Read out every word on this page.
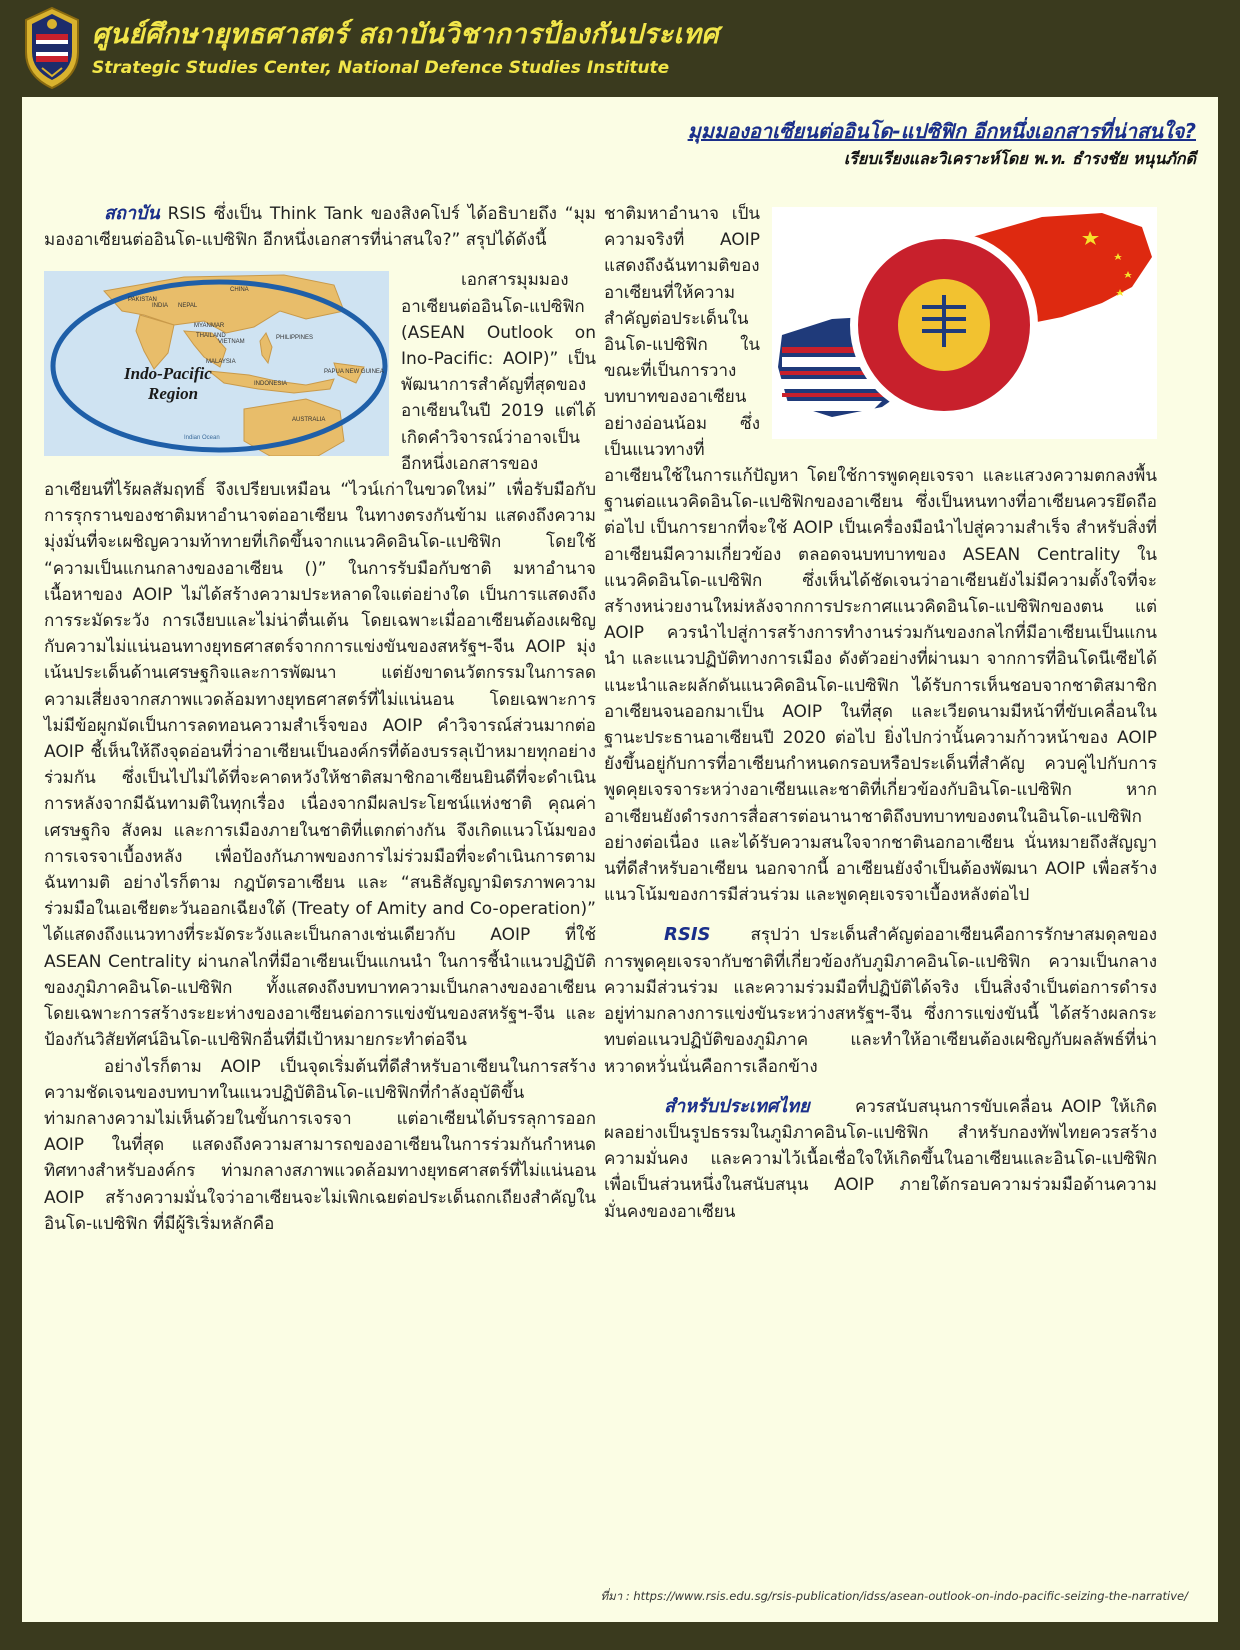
ศูนย์ศึกษายุทธศาสตร์ สถาบันวิชาการป้องกันประเทศ
Strategic Studies Center, National Defence Studies Institute
มุมมองอาเซียนต่ออินโด-แปซิฟิก อีกหนึ่งเอกสารที่น่าสนใจ?
เรียบเรียงและวิเคราะห์โดย พ.ท. ธำรงชัย หนุนภักดี

สถาบัน RSIS ซึ่งเป็น Think Tank ของสิงคโปร์ ได้อธิบายถึง “มุมมองอาเซียนต่ออินโด-แปซิฟิก อีกหนึ่งเอกสารที่น่าสนใจ?” สรุปได้ดังนี้

Indo-Pacific
Region
CHINA
INDIA
PAKISTAN
NEPAL
MYANMAR
THAILAND	PHILIPPINES
MALAYSIA
INDONESIA
PAPUA NEW GUINEA
AUSTRALIA
VIETNAM
Indian Ocean
เอกสารมุมมองอาเซียนต่ออินโด-แปซิฟิก (ASEAN Outlook on Ino-Pacific: AOIP)” เป็นพัฒนาการสำคัญที่สุดของอาเซียนในปี 2019 แต่ได้เกิดคำวิจารณ์ว่าอาจเป็นอีกหนึ่งเอกสารของอาเซียนที่ไร้ผลสัมฤทธิ์ จึงเปรียบเหมือน “ไวน์เก่าในขวดใหม่” เพื่อรับมือกับการรุกรานของชาติมหาอำนาจต่ออาเซียน ในทางตรงกันข้าม แสดงถึงความมุ่งมั่นที่จะเผชิญความท้าทายที่เกิดขึ้นจากแนวคิดอินโด-แปซิฟิก โดยใช้ “ความเป็นแกนกลางของอาเซียน ()” ในการรับมือกับชาติ มหาอำนาจ เนื้อหาของ AOIP ไม่ได้สร้างความประหลาดใจแต่อย่างใด เป็นการแสดงถึงการระมัดระวัง การเงียบและไม่น่าตื่นเต้น โดยเฉพาะเมื่ออาเซียนต้องเผชิญกับความไม่แน่นอนทางยุทธศาสตร์จากการแข่งขันของสหรัฐฯ-จีน AOIP มุ่งเน้นประเด็นด้านเศรษฐกิจและการพัฒนา แต่ยังขาดนวัตกรรมในการลดความเสี่ยงจากสภาพแวดล้อมทางยุทธศาสตร์ที่ไม่แน่นอน โดยเฉพาะการไม่มีข้อผูกมัดเป็นการลดทอนความสำเร็จของ AOIP คำวิจารณ์ส่วนมากต่อ AOIP ชี้เห็นให้ถึงจุดอ่อนที่ว่าอาเซียนเป็นองค์กรที่ต้องบรรลุเป้าหมายทุกอย่างร่วมกัน ซึ่งเป็นไปไม่ได้ที่จะคาดหวังให้ชาติสมาชิกอาเซียนยินดีที่จะดำเนินการหลังจากมีฉันทามติในทุกเรื่อง เนื่องจากมีผลประโยชน์แห่งชาติ คุณค่า เศรษฐกิจ สังคม และการเมืองภายในชาติที่แตกต่างกัน จึงเกิดแนวโน้มของการเจรจาเบื้องหลัง เพื่อป้องกันภาพของการไม่ร่วมมือที่จะดำเนินการตามฉันทามติ อย่างไรก็ตาม กฎบัตรอาเซียน และ “สนธิสัญญามิตรภาพความร่วมมือในเอเชียตะวันออกเฉียงใต้ (Treaty of Amity and Co-operation)” ได้แสดงถึงแนวทางที่ระมัดระวังและเป็นกลางเช่นเดียวกับ AOIP ที่ใช้ ASEAN Centrality ผ่านกลไกที่มีอาเซียนเป็นแกนนำ ในการชี้นำแนวปฏิบัติของภูมิภาคอินโด-แปซิฟิก ทั้งแสดงถึงบทบาทความเป็นกลางของอาเซียน โดยเฉพาะการสร้างระยะห่างของอาเซียนต่อการแข่งขันของสหรัฐฯ-จีน และป้องกันวิสัยทัศน์อินโด-แปซิฟิกอื่นที่มีเป้าหมายกระทำต่อจีน

อย่างไรก็ตาม AOIP เป็นจุดเริ่มต้นที่ดีสำหรับอาเซียนในการสร้างความชัดเจนของบทบาทในแนวปฏิบัติอินโด-แปซิฟิกที่กำลังอุบัติขึ้น ท่ามกลางความไม่เห็นด้วยในขั้นการเจรจา แต่อาเซียนได้บรรลุการออก AOIP ในที่สุด แสดงถึงความสามารถของอาเซียนในการร่วมกันกำหนดทิศทางสำหรับองค์กร ท่ามกลางสภาพแวดล้อมทางยุทธศาสตร์ที่ไม่แน่นอน AOIP สร้างความมั่นใจว่าอาเซียนจะไม่เพิกเฉยต่อประเด็นถกเถียงสำคัญในอินโด-แปซิฟิก ที่มีผู้ริเริ่มหลักคือ

ชาติมหาอำนาจ เป็นความจริงที่ AOIP แสดงถึงฉันทามติของอาเซียนที่ให้ความสำคัญต่อประเด็นในอินโด-แปซิฟิก ในขณะที่เป็นการวางบทบาทของอาเซียนอย่างอ่อนน้อม ซึ่งเป็นแนวทางที่อาเซียนใช้ในการแก้ปัญหา โดยใช้การพูดคุยเจรจา และแสวงความตกลงพื้นฐานต่อแนวคิดอินโด-แปซิฟิกของอาเซียน ซึ่งเป็นหนทางที่อาเซียนควรยึดถือต่อไป เป็นการยากที่จะใช้ AOIP เป็นเครื่องมือนำไปสู่ความสำเร็จ สำหรับสิ่งที่อาเซียนมีความเกี่ยวข้อง ตลอดจนบทบาทของ ASEAN Centrality ในแนวคิดอินโด-แปซิฟิก ซึ่งเห็นได้ชัดเจนว่าอาเซียนยังไม่มีความตั้งใจที่จะสร้างหน่วยงานใหม่หลังจากการประกาศแนวคิดอินโด-แปซิฟิกของตน แต่ AOIP ควรนำไปสู่การสร้างการทำงานร่วมกันของกลไกที่มีอาเซียนเป็นแกนนำ และแนวปฏิบัติทางการเมือง ดังตัวอย่างที่ผ่านมา จากการที่อินโดนีเซียได้แนะนำและผลักดันแนวคิดอินโด-แปซิฟิก ได้รับการเห็นชอบจากชาติสมาชิกอาเซียนจนออกมาเป็น AOIP ในที่สุด และเวียดนามมีหน้าที่ขับเคลื่อนในฐานะประธานอาเซียนปี 2020 ต่อไป ยิ่งไปกว่านั้นความก้าวหน้าของ AOIP ยังขึ้นอยู่กับการที่อาเซียนกำหนดกรอบหรือประเด็นที่สำคัญ ควบคู่ไปกับการพูดคุยเจรจาระหว่างอาเซียนและชาติที่เกี่ยวข้องกับอินโด-แปซิฟิก หากอาเซียนยังดำรงการสื่อสารต่อนานาชาติถึงบทบาทของตนในอินโด-แปซิฟิกอย่างต่อเนื่อง และได้รับความสนใจจากชาตินอกอาเซียน นั่นหมายถึงสัญญานที่ดีสำหรับอาเซียน นอกจากนี้ อาเซียนยังจำเป็นต้องพัฒนา AOIP เพื่อสร้างแนวโน้มของการมีส่วนร่วม และพูดคุยเจรจาเบื้องหลังต่อไป

RSIS สรุปว่า ประเด็นสำคัญต่ออาเซียนคือการรักษาสมดุลของการพูดคุยเจรจากับชาติที่เกี่ยวข้องกับภูมิภาคอินโด-แปซิฟิก ความเป็นกลาง ความมีส่วนร่วม และความร่วมมือที่ปฏิบัติได้จริง เป็นสิ่งจำเป็นต่อการดำรงอยู่ท่ามกลางการแข่งขันระหว่างสหรัฐฯ-จีน ซึ่งการแข่งขันนี้ ได้สร้างผลกระทบต่อแนวปฏิบัติของภูมิภาค และทำให้อาเซียนต้องเผชิญกับผลลัพธ์ที่น่าหวาดหวั่นนั่นคือการเลือกข้าง

สำหรับประเทศไทย	ควรสนับสนุนการขับเคลื่อน AOIP ให้เกิดผลอย่างเป็นรูปธรรมในภูมิภาคอินโด-แปซิฟิก สำหรับกองทัพไทยควรสร้างความมั่นคง และความไว้เนื้อเชื่อใจให้เกิดขึ้นในอาเซียนและอินโด-แปซิฟิก เพื่อเป็นส่วนหนึ่งในสนับสนุน AOIP ภายใต้กรอบความร่วมมือด้านความมั่นคงของอาเซียน

ที่มา : https://www.rsis.edu.sg/rsis-publication/idss/asean-outlook-on-indo-pacific-seizing-the-narrative/
